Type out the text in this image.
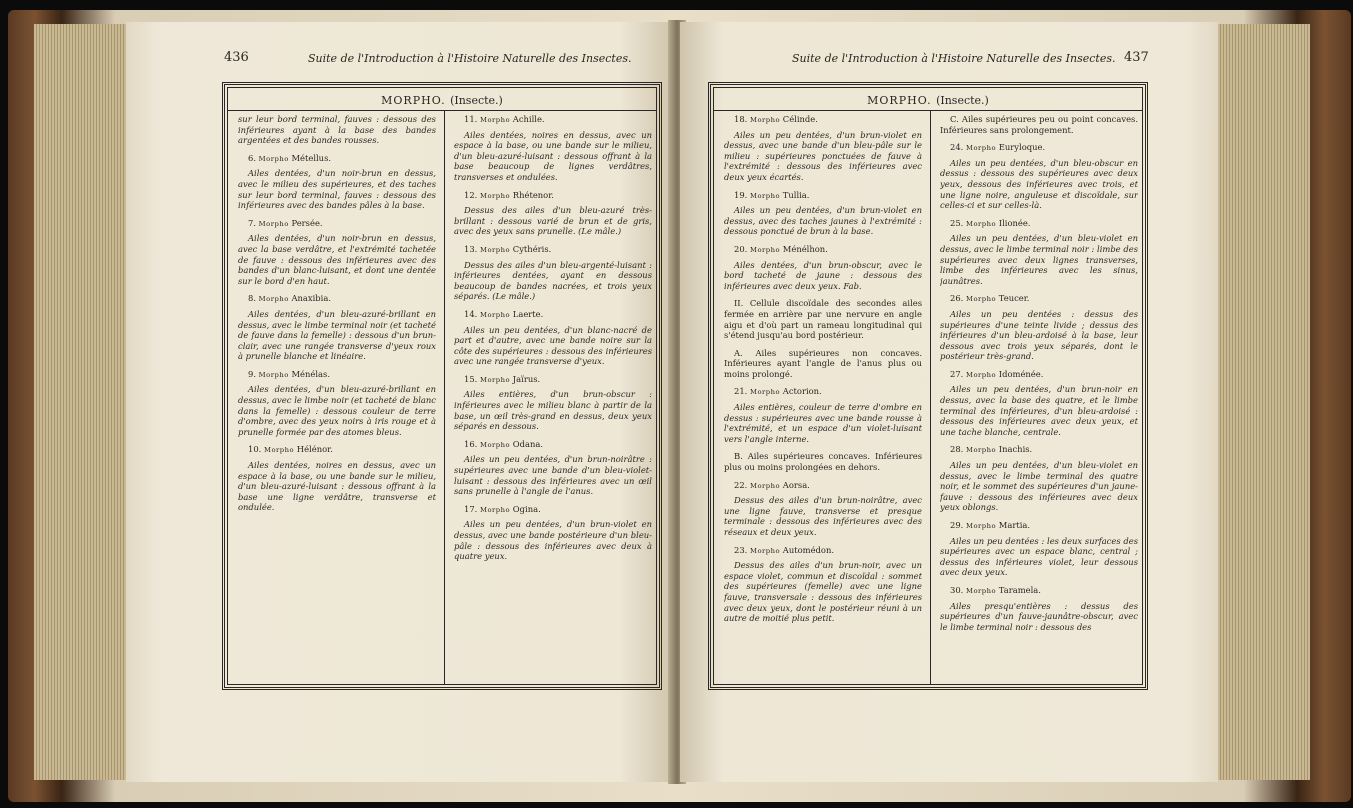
436	Suite de l'Introduction à l'Histoire Naturelle des Insectes.
MORPHO. (Insecte.)

sur leur bord terminal, fauves : dessous des inférieures ayant à la base des bandes argentées et des bandes rousses.

6. Morpho Métellus.

Ailes dentées, d'un noir-brun en dessus, avec le milieu des supérieures, et des taches sur leur bord terminal, fauves : dessous des inférieures avec des bandes pâles à la base.

7. Morpho Persée.

Ailes dentées, d'un noir-brun en dessus, avec la base verdâtre, et l'extrémité tachetée de fauve : dessous des inférieures avec des bandes d'un blanc-luisant, et dont une dentée sur le bord d'en haut.

8. Morpho Anaxibia.

Ailes dentées, d'un bleu-azuré-brillant en dessus, avec le limbe terminal noir (et tacheté de fauve dans la femelle) : dessous d'un brun-clair, avec une rangée transverse d'yeux roux à prunelle blanche et linéaire.

9. Morpho Ménélas.

Ailes dentées, d'un bleu-azuré-brillant en dessus, avec le limbe noir (et tacheté de blanc dans la femelle) : dessous couleur de terre d'ombre, avec des yeux noirs à iris rouge et à prunelle formée par des atomes bleus.

10. Morpho Hélénor.

Ailes dentées, noires en dessus, avec un espace à la base, ou une bande sur le milieu, d'un bleu-azuré-luisant : dessous offrant à la base une ligne verdâtre, transverse et ondulée.

11. Morpho Achille.

Ailes dentées, noires en dessus, avec un espace à la base, ou une bande sur le milieu, d'un bleu-azuré-luisant : dessous offrant à la base beaucoup de lignes verdâtres, transverses et ondulées.

12. Morpho Rhétenor.

Dessus des ailes d'un bleu-azuré très-brillant : dessous varié de brun et de gris, avec des yeux sans prunelle. (Le mâle.)

13. Morpho Cythéris.

Dessus des ailes d'un bleu-argenté-luisant : inférieures dentées, ayant en dessous beaucoup de bandes nacrées, et trois yeux séparés. (Le mâle.)

14. Morpho Laerte.

Ailes un peu dentées, d'un blanc-nacré de part et d'autre, avec une bande noire sur la côte des supérieures : dessous des inférieures avec une rangée transverse d'yeux.

15. Morpho Jaïrus.

Ailes entières, d'un brun-obscur : inférieures avec le milieu blanc à partir de la base, un œil très-grand en dessus, deux yeux séparés en dessous.

16. Morpho Odana.

Ailes un peu dentées, d'un brun-noirâtre : supérieures avec une bande d'un bleu-violet-luisant : dessous des inférieures avec un œil sans prunelle à l'angle de l'anus.

17. Morpho Ogina.

Ailes un peu dentées, d'un brun-violet en dessus, avec une bande postérieure d'un bleu-pâle : dessous des inférieures avec deux à quatre yeux.

Suite de l'Introduction à l'Histoire Naturelle des Insectes. 437
MORPHO. (Insecte.)

18. Morpho Célinde.

Ailes un peu dentées, d'un brun-violet en dessus, avec une bande d'un bleu-pâle sur le milieu : supérieures ponctuées de fauve à l'extrémité : dessous des inférieures avec deux yeux écartés.

19. Morpho Tullia.

Ailes un peu dentées, d'un brun-violet en dessus, avec des taches jaunes à l'extrémité : dessous ponctué de brun à la base.

20. Morpho Ménélhon.

Ailes dentées, d'un brun-obscur, avec le bord tacheté de jaune : dessous des inférieures avec deux yeux. Fab.

II. Cellule discoïdale des secondes ailes fermée en arrière par une nervure en angle aigu et d'où part un rameau longitudinal qui s'étend jusqu'au bord postérieur.

A. Ailes supérieures non concaves. Inférieures ayant l'angle de l'anus plus ou moins prolongé.

21. Morpho Actorion.

Ailes entières, couleur de terre d'ombre en dessus : supérieures avec une bande rousse à l'extrémité, et un espace d'un violet-luisant vers l'angle interne.

B. Ailes supérieures concaves. Inférieures plus ou moins prolongées en dehors.

22. Morpho Aorsa.

Dessus des ailes d'un brun-noirâtre, avec une ligne fauve, transverse et presque terminale : dessous des inférieures avec des réseaux et deux yeux.

23. Morpho Automédon.

Dessus des ailes d'un brun-noir, avec un espace violet, commun et discoïdal : sommet des supérieures (femelle) avec une ligne fauve, transversale : dessous des inférieures avec deux yeux, dont le postérieur réuni à un autre de moitié plus petit.

C. Ailes supérieures peu ou point concaves. Inférieures sans prolongement.

24. Morpho Euryloque.

Ailes un peu dentées, d'un bleu-obscur en dessus : dessous des supérieures avec deux yeux, dessous des inférieures avec trois, et une ligne noire, anguleuse et discoïdale, sur celles-ci et sur celles-là.

25. Morpho Ilionée.

Ailes un peu dentées, d'un bleu-violet en dessus, avec le limbe terminal noir : limbe des supérieures avec deux lignes transverses, limbe des inférieures avec les sinus, jaunâtres.

26. Morpho Teucer.

Ailes un peu dentées : dessus des supérieures d'une teinte livide ; dessus des inférieures d'un bleu-ardoisé à la base, leur dessous avec trois yeux séparés, dont le postérieur très-grand.

27. Morpho Idoménée.

Ailes un peu dentées, d'un brun-noir en dessus, avec la base des quatre, et le limbe terminal des inférieures, d'un bleu-ardoisé : dessous des inférieures avec deux yeux, et une tache blanche, centrale.

28. Morpho Inachis.

Ailes un peu dentées, d'un bleu-violet en dessus, avec le limbe terminal des quatre noir, et le sommet des supérieures d'un jaune-fauve : dessous des inférieures avec deux yeux oblongs.

29. Morpho Martia.

Ailes un peu dentées : les deux surfaces des supérieures avec un espace blanc, central ; dessus des inférieures violet, leur dessous avec deux yeux.

30. Morpho Taramela.

Ailes presqu'entières : dessus des supérieures d'un fauve-jaunâtre-obscur, avec le limbe terminal noir : dessous des
